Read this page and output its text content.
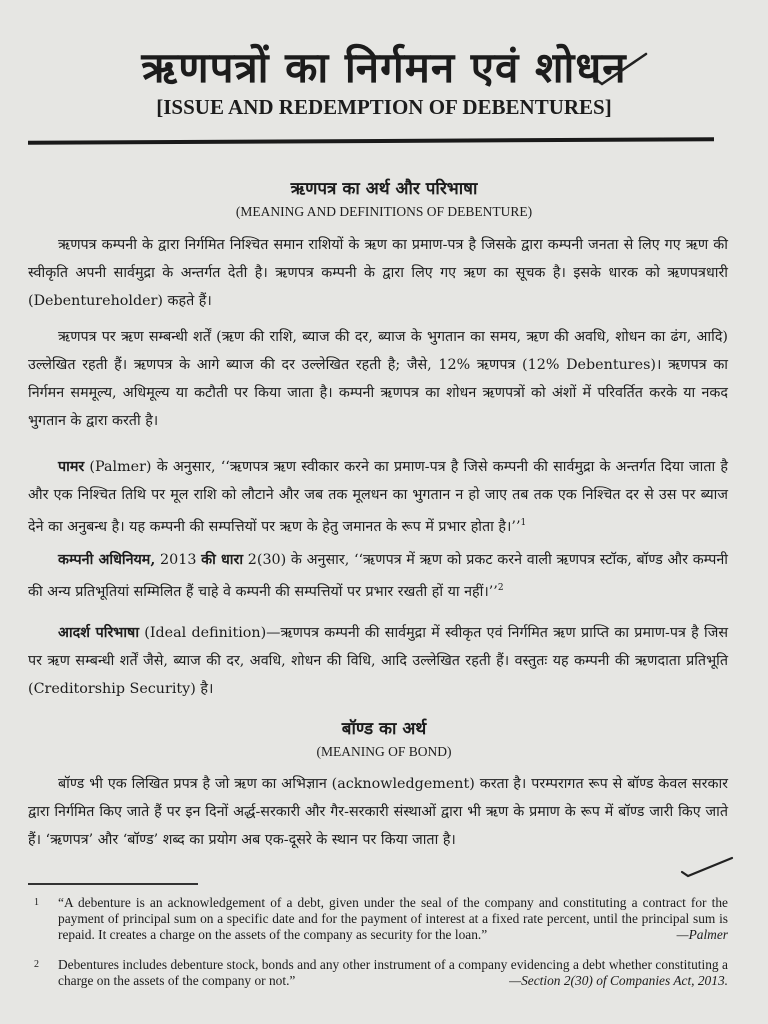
ऋणपत्रों का निर्गमन एवं शोधन
[ISSUE AND REDEMPTION OF DEBENTURES]
ऋणपत्र का अर्थ और परिभाषा
(MEANING AND DEFINITIONS OF DEBENTURE)
ऋणपत्र कम्पनी के द्वारा निर्गमित निश्चित समान राशियों के ऋण का प्रमाण-पत्र है जिसके द्वारा कम्पनी जनता से लिए गए ऋण की स्वीकृति अपनी सार्वमुद्रा के अन्तर्गत देती है। ऋणपत्र कम्पनी के द्वारा लिए गए ऋण का सूचक है। इसके धारक को ऋणपत्रधारी (Debentureholder) कहते हैं।
ऋणपत्र पर ऋण सम्बन्धी शर्तें (ऋण की राशि, ब्याज की दर, ब्याज के भुगतान का समय, ऋण की अवधि, शोधन का ढंग, आदि) उल्लेखित रहती हैं। ऋणपत्र के आगे ब्याज की दर उल्लेखित रहती है; जैसे, 12% ऋणपत्र (12% Debentures)। ऋणपत्र का निर्गमन सममूल्य, अधिमूल्य या कटौती पर किया जाता है। कम्पनी ऋणपत्र का शोधन ऋणपत्रों को अंशों में परिवर्तित करके या नकद भुगतान के द्वारा करती है।
पामर (Palmer) के अनुसार, ‘‘ऋणपत्र ऋण स्वीकार करने का प्रमाण-पत्र है जिसे कम्पनी की सार्वमुद्रा के अन्तर्गत दिया जाता है और एक निश्चित तिथि पर मूल राशि को लौटाने और जब तक मूलधन का भुगतान न हो जाए तब तक एक निश्चित दर से उस पर ब्याज देने का अनुबन्ध है। यह कम्पनी की सम्पत्तियों पर ऋण के हेतु जमानत के रूप में प्रभार होता है।’’$^1$
कम्पनी अधिनियम, 2013 की धारा 2(30) के अनुसार, ‘‘ऋणपत्र में ऋण को प्रकट करने वाली ऋणपत्र स्टॉक, बॉण्ड और कम्पनी की अन्य प्रतिभूतियां सम्मिलित हैं चाहे वे कम्पनी की सम्पत्तियों पर प्रभार रखती हों या नहीं।’’$^2$
आदर्श परिभाषा (Ideal definition)—ऋणपत्र कम्पनी की सार्वमुद्रा में स्वीकृत एवं निर्गमित ऋण प्राप्ति का प्रमाण-पत्र है जिस पर ऋण सम्बन्धी शर्तें जैसे, ब्याज की दर, अवधि, शोधन की विधि, आदि उल्लेखित रहती हैं। वस्तुतः यह कम्पनी की ऋणदाता प्रतिभूति (Creditorship Security) है।
बॉण्ड का अर्थ
(MEANING OF BOND)
बॉण्ड भी एक लिखित प्रपत्र है जो ऋण का अभिज्ञान (acknowledgement) करता है। परम्परागत रूप से बॉण्ड केवल सरकार द्वारा निर्गमित किए जाते हैं पर इन दिनों अर्द्ध-सरकारी और गैर-सरकारी संस्थाओं द्वारा भी ऋण के प्रमाण के रूप में बॉण्ड जारी किए जाते हैं। ‘ऋणपत्र’ और ‘बॉण्ड’ शब्द का प्रयोग अब एक-दूसरे के स्थान पर किया जाता है।
1 “A debenture is an acknowledgement of a debt, given under the seal of the company and constituting a contract for the payment of principal sum on a specific date and for the payment of interest at a fixed rate percent, until the principal sum is repaid. It creates a charge on the assets of the company as security for the loan.”	—Palmer
2 Debentures includes debenture stock, bonds and any other instrument of a company evidencing a debt whether constituting a charge on the assets of the company or not.”	—Section 2(30) of Companies Act, 2013.
